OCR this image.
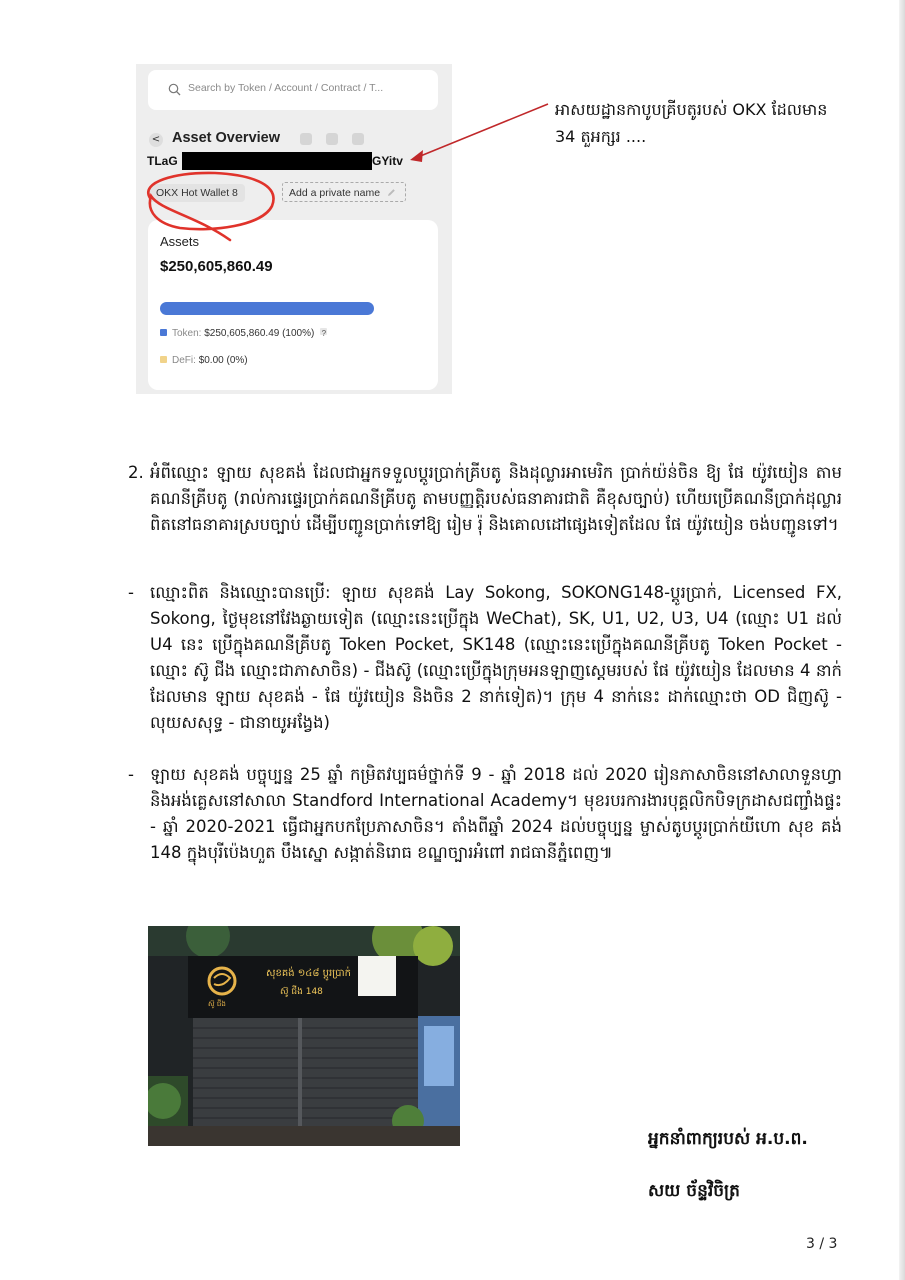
Search by Token / Account / Contract / T...
< Asset Overview
TLaG	GYitv
OKX Hot Wallet 8	Add a private name
Assets
$250,605,860.49
Token: $250,605,860.49 (100%) ?
DeFi: $0.00 (0%)
អាសយដ្ឋានកាបូបគ្រីបតូរបស់ OKX ដែលមាន 34 តួអក្សរ ....
2. អំពីឈ្មោះ ឡាយ សុខគង់ ដែលជាអ្នកទទួលប្តូរប្រាក់គ្រីបតូ និងដុល្លារអាមេរិក ប្រាក់យ៉ន់ចិន ឱ្យ ផែ យ៉ូវយៀន តាមគណនីគ្រីបតូ (រាល់ការផ្ទេរប្រាក់គណនីគ្រីបតូ តាមបញ្ញត្តិរបស់ធនាគារជាតិ គឺខុសច្បាប់) ហើយប្រើគណនីប្រាក់ដុល្លារពិតនៅធនាគារស្របច្បាប់ ដើម្បីបញ្ជូនប្រាក់ទៅឱ្យ រៀម រ៉ុ និងគោលដៅផ្សេងទៀតដែល ផែ យ៉ូវយៀន ចង់បញ្ជូនទៅ។
- ឈ្មោះពិត និងឈ្មោះបានប្រើ: ឡាយ សុខគង់ Lay Sokong, SOKONG148-ប្តូរប្រាក់, Licensed FX, Sokong, ថ្ងៃមុខនៅវែងឆ្ងាយទៀត (ឈ្មោះនេះប្រើក្នុង WeChat), SK, U1, U2, U3, U4 (ឈ្មោះ U1 ដល់ U4 នេះ ប្រើក្នុងគណនីគ្រីបតូ Token Pocket, SK148 (ឈ្មោះនេះប្រើក្នុងគណនីគ្រីបតូ Token Pocket - ឈ្មោះ ស៊ូ ជីង ឈ្មោះជាភាសាចិន) - ជីងស៊ូ (ឈ្មោះប្រើក្នុងក្រុមអនឡាញស្តេមរបស់ ផែ យ៉ូវយៀន ដែលមាន 4 នាក់ ដែលមាន ឡាយ សុខគង់ - ផែ យ៉ូវយៀន និងចិន 2 នាក់ទៀត)។ ក្រុម 4 នាក់នេះ ដាក់ឈ្មោះថា OD ជិញស៊ូ - លុយសសុទ្ធ - ជានាយូអង្វែង)
- ឡាយ សុខគង់ បច្ចុប្បន្ន 25 ឆ្នាំ កម្រិតវប្បធម៌ថ្នាក់ទី 9 - ឆ្នាំ 2018 ដល់ 2020 រៀនភាសាចិននៅសាលាទួនហ្វា និងអង់គ្លេសនៅសាលា Standford International Academy។ មុខរបរការងារបុគ្គលិកបិទក្រដាសជញ្ជាំងផ្ទះ - ឆ្នាំ 2020-2021 ធ្វើជាអ្នកបកប្រែភាសាចិន។ តាំងពីឆ្នាំ 2024 ដល់បច្ចុប្បន្ន ម្ចាស់តូបប្តូរប្រាក់យីហោ សុខ គង់ 148 ក្នុងបុរីប៉េងហួត បឹងស្នោ សង្កាត់និរោធ ខណ្ឌច្បារអំពៅ រាជធានីភ្នំពេញ៕
ស៊ូ ជីង
សុខគង់ ១៤៨ ប្តូរប្រាក់
ស៊ូ ជីង 148
អ្នកនាំពាក្យរបស់ អ.ប.ព.
សយ ច័ន្ទវិចិត្រ
3 / 3
